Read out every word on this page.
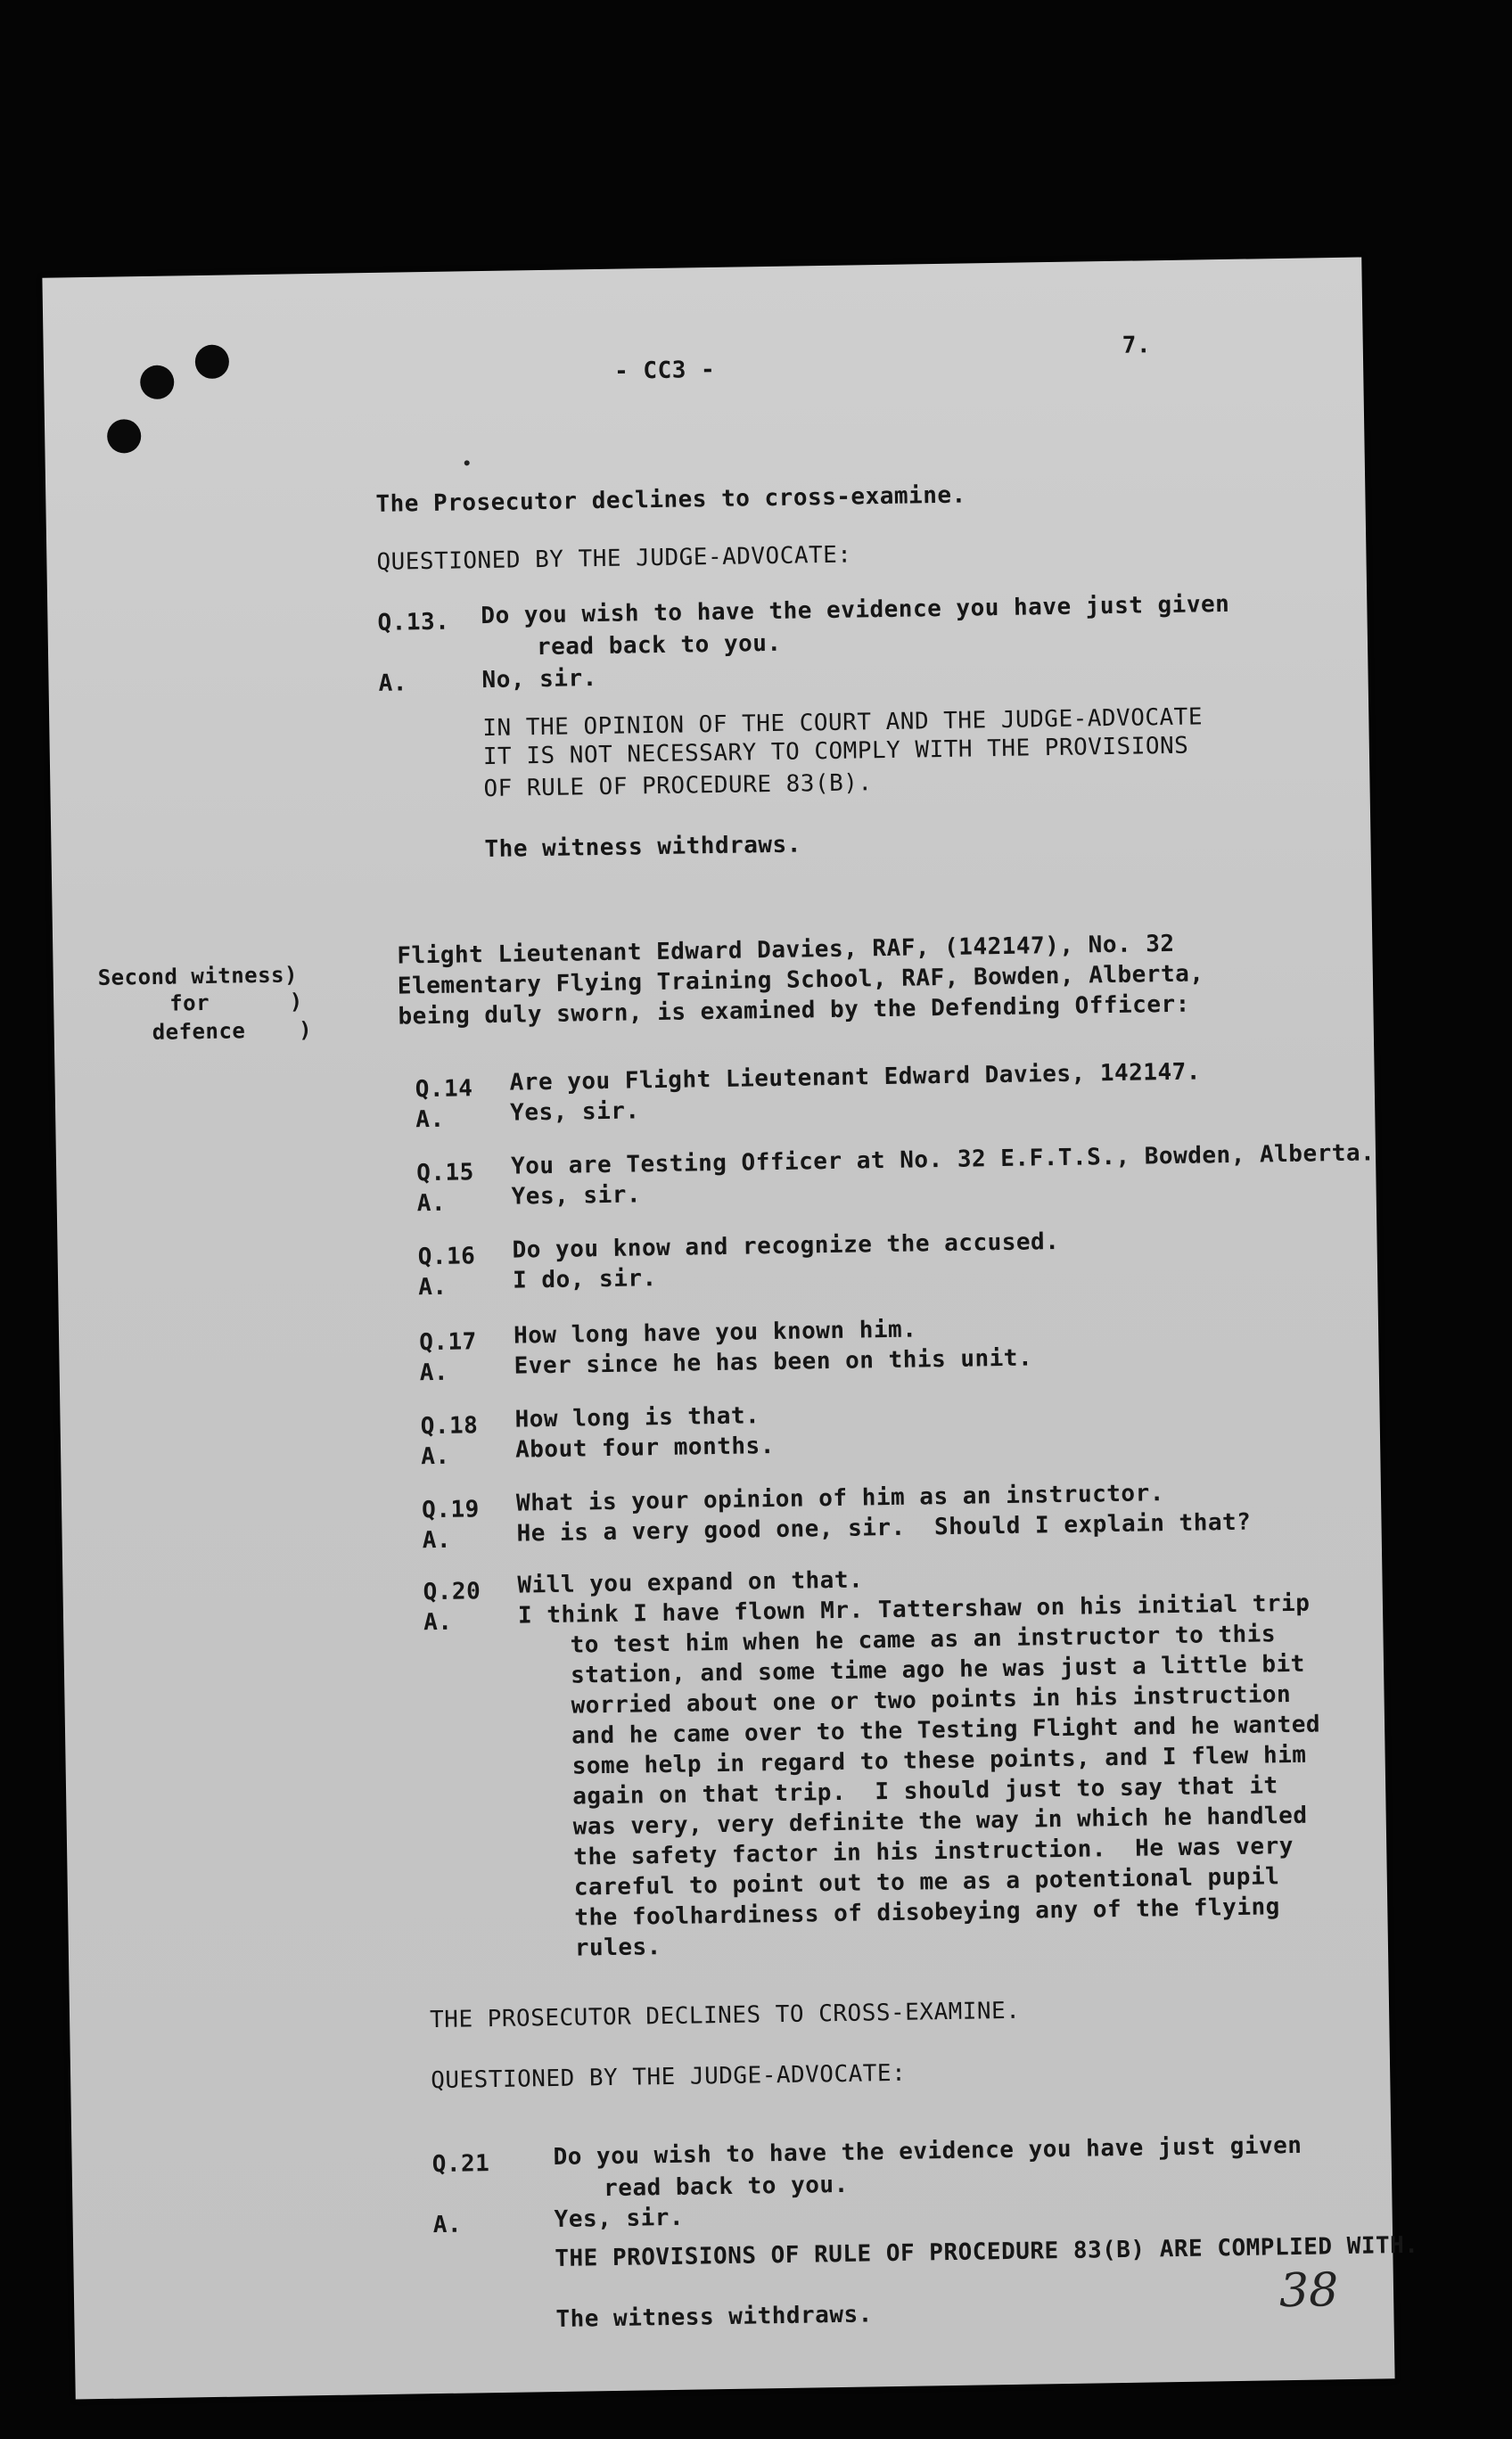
- CC3 -
7.
The Prosecutor declines to cross-examine.
QUESTIONED BY THE JUDGE-ADVOCATE:
Q.13. Do you wish to have the evidence you have just given
read back to you.
A.	No, sir.
IN THE OPINION OF THE COURT AND THE JUDGE-ADVOCATE
IT IS NOT NECESSARY TO COMPLY WITH THE PROVISIONS
OF RULE OF PROCEDURE 83(B).
The witness withdraws.
Second witness)
for      )
defence    )
Flight Lieutenant Edward Davies, RAF, (142147), No. 32
Elementary Flying Training School, RAF, Bowden, Alberta,
being duly sworn, is examined by the Defending Officer:
Q.14 Are you Flight Lieutenant Edward Davies, 142147.
A.	Yes, sir.
Q.15 You are Testing Officer at No. 32 E.F.T.S., Bowden, Alberta.
A.	Yes, sir.
Q.16 Do you know and recognize the accused.
A.	I do, sir.
Q.17 How long have you known him.
A.	Ever since he has been on this unit.
Q.18 How long is that.
A.	About four months.
Q.19 What is your opinion of him as an instructor.
A.	He is a very good one, sir.  Should I explain that?
Q.20 Will you expand on that.
A.	I think I have flown Mr. Tattershaw on his initial trip
to test him when he came as an instructor to this
station, and some time ago he was just a little bit
worried about one or two points in his instruction
and he came over to the Testing Flight and he wanted
some help in regard to these points, and I flew him
again on that trip.  I should just to say that it
was very, very definite the way in which he handled
the safety factor in his instruction.  He was very
careful to point out to me as a potentional pupil
the foolhardiness of disobeying any of the flying
rules.
THE PROSECUTOR DECLINES TO CROSS-EXAMINE.
QUESTIONED BY THE JUDGE-ADVOCATE:
Q.21	Do you wish to have the evidence you have just given
read back to you.
A.	Yes, sir.
THE PROVISIONS OF RULE OF PROCEDURE 83(B) ARE COMPLIED WITH.
The witness withdraws.	38
